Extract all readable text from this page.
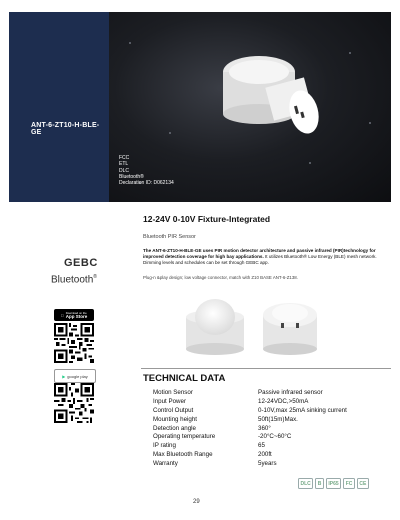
ANT-6-ZT10-H-BLE-GE
FCC
ETL
DLC
Bluetooth®
Declaration ID: D062134
GEBC
Bluetooth®
Download on the
App Store
▶ google play
12-24V 0-10V Fixture-Integrated
Bluetooth PIR Sensor
The ANT-6-ZT10-H-BLE-GE uses PIR motion detector architecture and passive infrared (PIR)technology for improved detection coverage for high bay applications. It utilizes Bluetooth® Low Energy (BLE) mesh network. Dimming levels and schedules can be set through GEBC app.
Plug-n &play design; low voltage connector, match with Z10 BASE ANT-6-Z138.
TECHNICAL DATA
Motion Sensor	Passive infrared sensor
Input Power	12-24VDC,>50mA
Control Output	0-10V,max 25mA sinking current
Mounting height	50ft(15m)Max.
Detection angle	360°
Operating temperature	-20°C~60°C
IP rating	65
Max Bluetooth Range	200ft
Warranty	5years
DLC	B	IP65	FC	CE
29
